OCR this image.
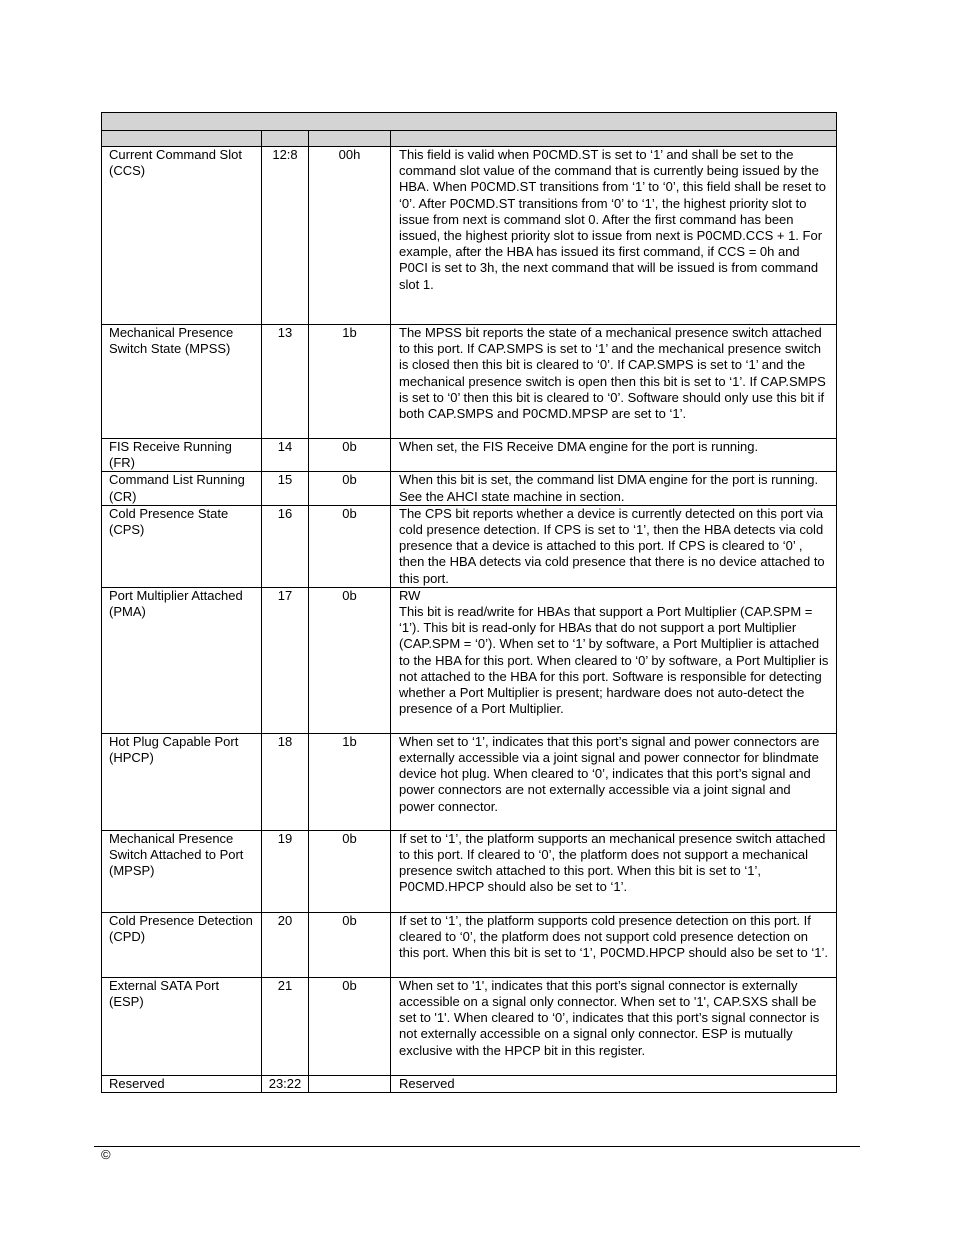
Current Command Slot (CCS)	12:8	00h	This field is valid when P0CMD.ST is set to ‘1’ and shall be set to the command slot value of the command that is currently being issued by the HBA. When P0CMD.ST transitions from ‘1’ to ‘0’, this field shall be reset to ‘0’. After P0CMD.ST transitions from ‘0’ to ‘1’, the highest priority slot to issue from next is command slot 0. After the first command has been issued, the highest priority slot to issue from next is P0CMD.CCS + 1. For example, after the HBA has issued its first command, if CCS = 0h and P0CI is set to 3h, the next command that will be issued is from command slot 1.

Mechanical Presence Switch State (MPSS)	13	1b	The MPSS bit reports the state of a mechanical presence switch attached to this port. If CAP.SMPS is set to ‘1’ and the mechanical presence switch is closed then this bit is cleared to ‘0’. If CAP.SMPS is set to ‘1’ and the mechanical presence switch is open then this bit is set to ‘1’. If CAP.SMPS is set to ‘0’ then this bit is cleared to ‘0’. Software should only use this bit if both CAP.SMPS and P0CMD.MPSP are set to ‘1’.

FIS Receive Running (FR)	14	0b	When set, the FIS Receive DMA engine for the port is running.

Command List Running (CR)	15	0b	When this bit is set, the command list DMA engine for the port is running. See the AHCI state machine in section.

Cold Presence State (CPS)	16	0b	The CPS bit reports whether a device is currently detected on this port via cold presence detection. If CPS is set to ‘1’, then the HBA detects via cold presence that a device is attached to this port. If CPS is cleared to ‘0’ , then the HBA detects via cold presence that there is no device attached to this port.

Port Multiplier Attached (PMA)	17	0b	RW
This bit is read/write for HBAs that support a Port Multiplier (CAP.SPM = ‘1’). This bit is read-only for HBAs that do not support a port Multiplier (CAP.SPM = ‘0’). When set to ‘1’ by software, a Port Multiplier is attached to the HBA for this port. When cleared to ‘0’ by software, a Port Multiplier is not attached to the HBA for this port. Software is responsible for detecting whether a Port Multiplier is present; hardware does not auto-detect the presence of a Port Multiplier.

Hot Plug Capable Port (HPCP)	18	1b	When set to ‘1’, indicates that this port’s signal and power connectors are externally accessible via a joint signal and power connector for blindmate device hot plug. When cleared to ‘0’, indicates that this port’s signal and power connectors are not externally accessible via a joint signal and power connector.

Mechanical Presence Switch Attached to Port (MPSP)	19	0b	If set to ‘1’, the platform supports an mechanical presence switch attached to this port. If cleared to ‘0’, the platform does not support a mechanical presence switch attached to this port. When this bit is set to ‘1’, P0CMD.HPCP should also be set to ‘1’.

Cold Presence Detection (CPD)	20	0b	If set to ‘1’, the platform supports cold presence detection on this port. If cleared to ‘0’, the platform does not support cold presence detection on this port. When this bit is set to ‘1’, P0CMD.HPCP should also be set to ‘1’.

External SATA Port (ESP)	21	0b	When set to '1', indicates that this port’s signal connector is externally accessible on a signal only connector. When set to '1', CAP.SXS shall be set to '1'. When cleared to ‘0’, indicates that this port’s signal connector is not externally accessible on a signal only connector. ESP is mutually exclusive with the HPCP bit in this register.

Reserved	23:22		Reserved
©
